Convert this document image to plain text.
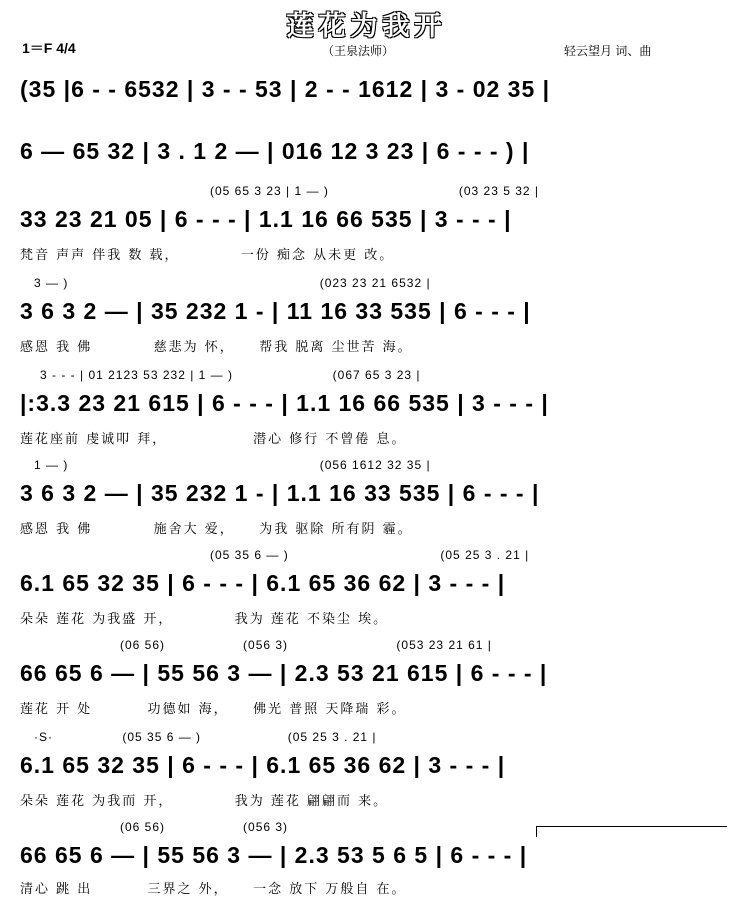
莲花为我开
1＝F 4/4	（王泉法师）	轻云望月 词、曲
(35 |6 - - 6532 | 3 - - 53 | 2 - - 1612 | 3 - 02 35 |
6 — 65 32 | 3 . 1 2 — | 016 12 3 23 | 6 - - - ) |
(05 65 3 23 | 1 — )                              (03 23 5 32 |
33 23 21 05 | 6 - - - | 1.1 16 66 535 | 3 - - - |
梵音 声声 伴我 数 载，          一份 痴念 从未更 改。
3 — )                                                          (023 23 21 6532 |
3 6 3 2 — | 35 232 1 - | 11 16 33 535 | 6 - - - |
感恩 我 佛          慈悲为 怀，    帮我 脱离 尘世苦 海。
3 - - - | 01 2123 53 232 | 1 — )                       (067 65 3 23 |
|:3.3 23 21 615 | 6 - - - | 1.1 16 66 535 | 3 - - - |
莲花座前 虔诚叩 拜，              潜心 修行 不曾倦 息。
1 — )                                                          (056 1612 32 35 |
3 6 3 2 — | 35 232 1 - | 1.1 16 33 535 | 6 - - - |
感恩 我 佛          施舍大 爱，    为我 驱除 所有阴 霾。
(05 35 6 — )                                   (05 25 3 . 21 |
6.1 65 32 35 | 6 - - - | 6.1 65 36 62 | 3 - - - |
朵朵 莲花 为我盛 开，          我为 莲花 不染尘 埃。
(06 56)                  (056 3)                         (053 23 21 61 |
66 65 6 — | 55 56 3 — | 2.3 53 21 615 | 6 - - - |
莲花 开 处         功德如 海，    佛光 普照 天降瑞 彩。
·S·                (05 35 6 — )                    (05 25 3 . 21 |
6.1 65 32 35 | 6 - - - | 6.1 65 36 62 | 3 - - - |
朵朵 莲花 为我而 开，          我为 莲花 翩翩而 来。
(06 56)                  (056 3)
66 65 6 — | 55 56 3 — | 2.3 53 5 6 5 | 6 - - - |
清心 跳 出         三界之 外，    一念 放下 万般自 在。
